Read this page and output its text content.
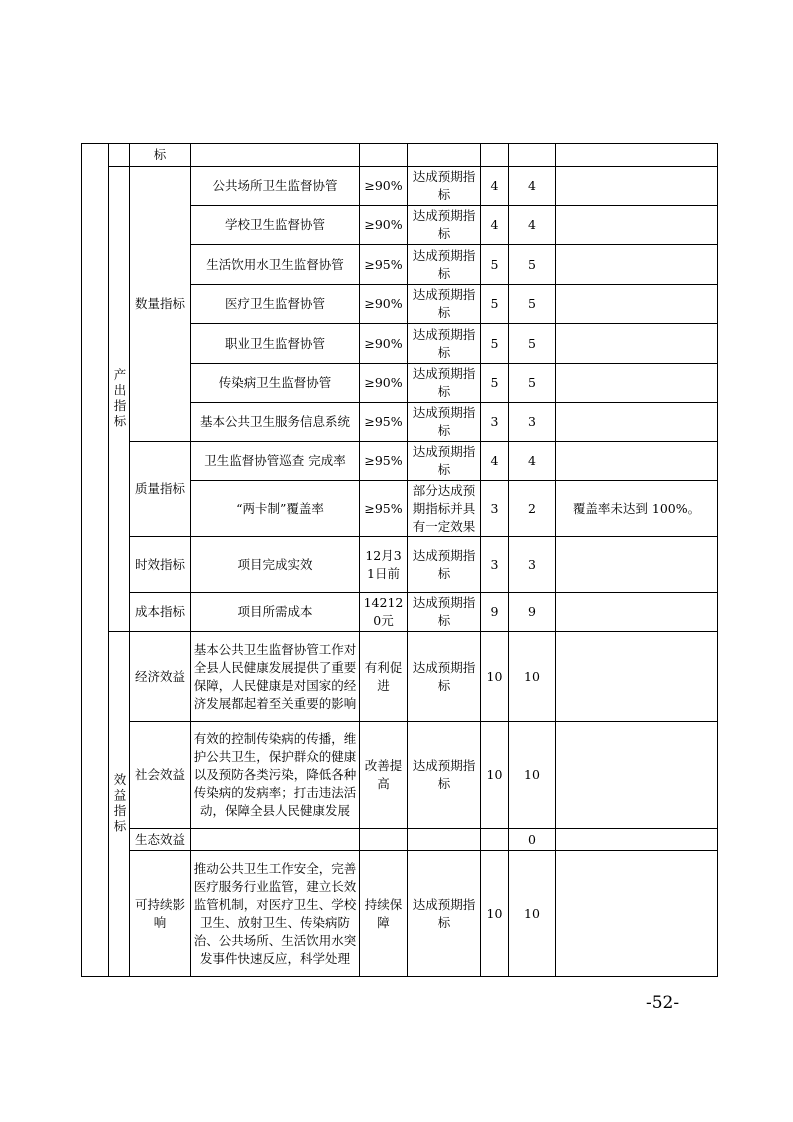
		标						
	产出指标	数量指标	公共场所卫生监督协管	≥90%	达成预期指标	4	4	
			学校卫生监督协管	≥90%	达成预期指标	4	4	
			生活饮用水卫生监督协管	≥95%	达成预期指标	5	5	
			医疗卫生监督协管	≥90%	达成预期指标	5	5	
			职业卫生监督协管	≥90%	达成预期指标	5	5	
			传染病卫生监督协管	≥90%	达成预期指标	5	5	
			基本公共卫生服务信息系统	≥95%	达成预期指标	3	3	
		质量指标	卫生监督协管巡查 完成率	≥95%	达成预期指标	4	4	
			“两卡制”覆盖率	≥95%	部分达成预期指标并具有一定效果	3	2	覆盖率未达到 100%。
		时效指标	项目完成实效	12月31日前	达成预期指标	3	3	
		成本指标	项目所需成本	142120元	达成预期指标	9	9	
	效益指标	经济效益	基本公共卫生监督协管工作对全县人民健康发展提供了重要保障，人民健康是对国家的经济发展都起着至关重要的影响	有利促进	达成预期指标	10	10	
		社会效益	有效的控制传染病的传播，维护公共卫生，保护群众的健康以及预防各类污染，降低各种传染病的发病率；打击违法活动，保障全县人民健康发展	改善提高	达成预期指标	10	10	
		生态效益					0	
		可持续影响	推动公共卫生工作安全，完善医疗服务行业监管，建立长效监管机制，对医疗卫生、学校卫生、放射卫生、传染病防治、公共场所、生活饮用水突发事件快速反应，科学处理	持续保障	达成预期指标	10	10	
-52-
